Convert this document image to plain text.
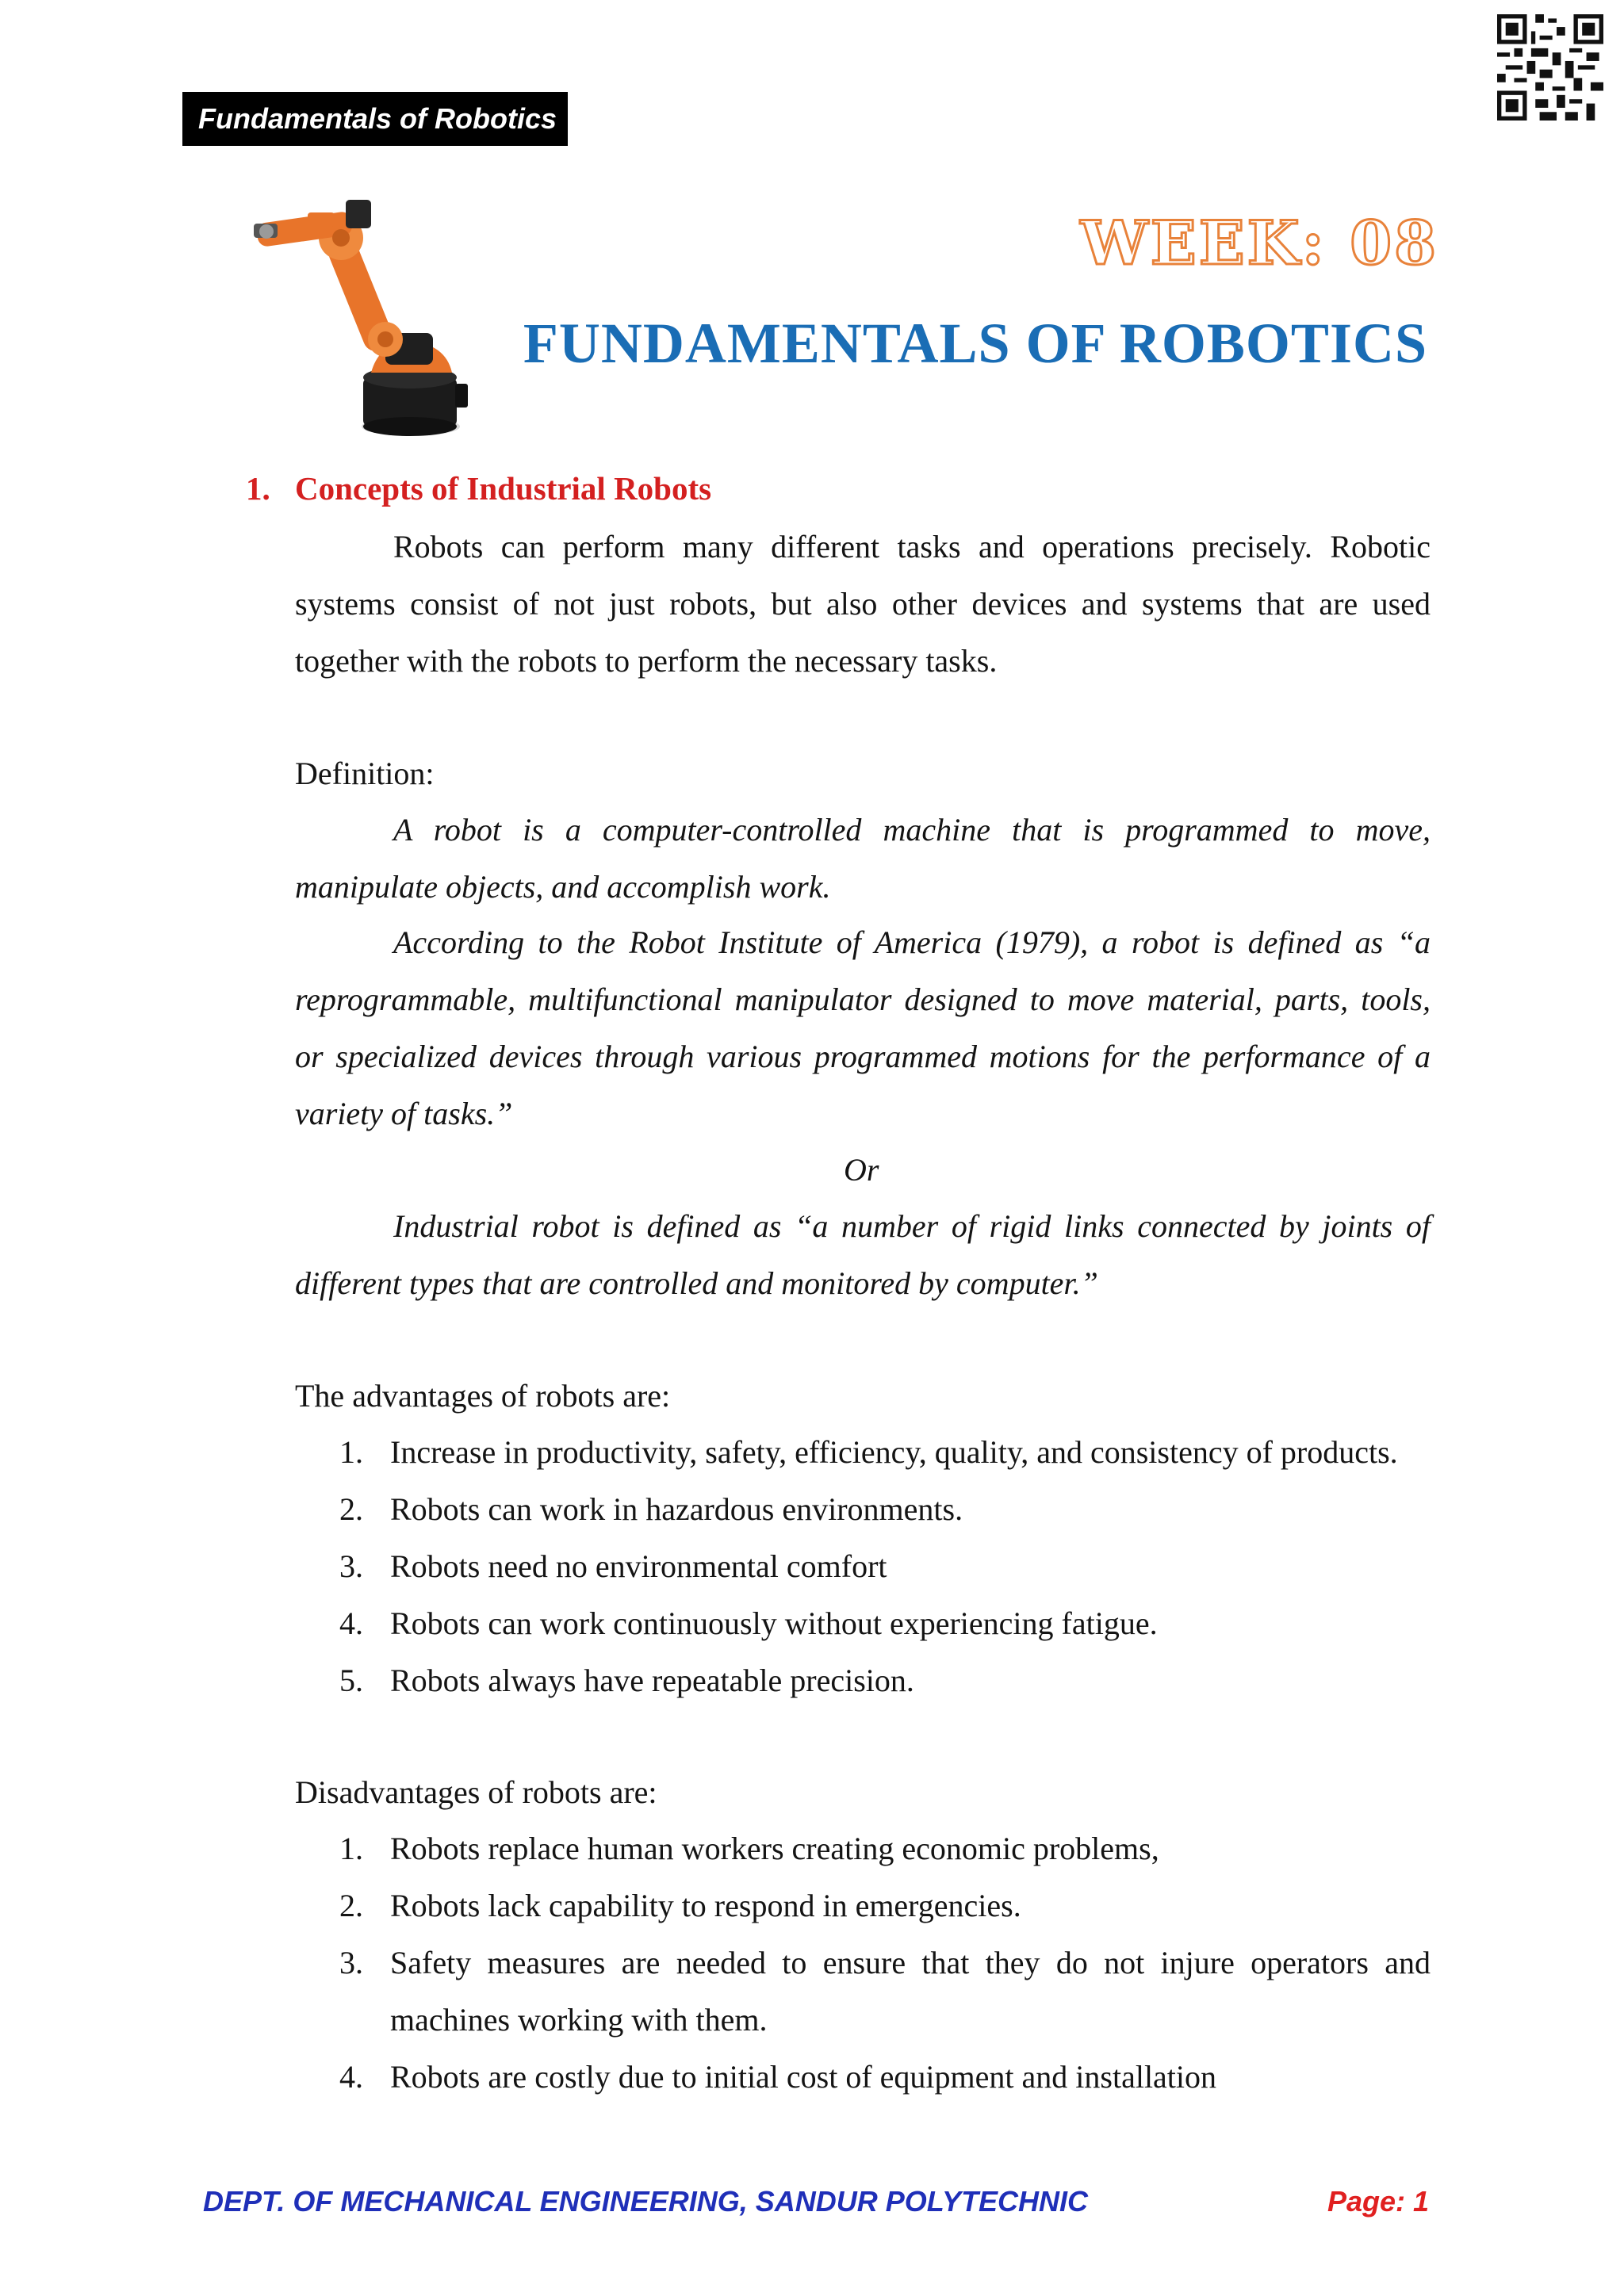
Fundamentals of Robotics
WEEK: 08
FUNDAMENTALS OF ROBOTICS
1. Concepts of Industrial Robots
Robots can perform many different tasks and operations precisely. Robotic
systems consist of not just robots, but also other devices and systems that are used
together with the robots to perform the necessary tasks.
Definition:
A robot is a computer-controlled machine that is programmed to move,
manipulate objects, and accomplish work.
According to the Robot Institute of America (1979), a robot is defined as “a
reprogrammable, multifunctional manipulator designed to move material, parts, tools,
or specialized devices through various programmed motions for the performance of a
variety of tasks.”
Or
Industrial robot is defined as “a number of rigid links connected by joints of
different types that are controlled and monitored by computer.”
The advantages of robots are:
1. Increase in productivity, safety, efficiency, quality, and consistency of products.
2. Robots can work in hazardous environments.
3. Robots need no environmental comfort
4. Robots can work continuously without experiencing fatigue.
5. Robots always have repeatable precision.
Disadvantages of robots are:
1. Robots replace human workers creating economic problems,
2. Robots lack capability to respond in emergencies.
3. Safety measures are needed to ensure that they do not injure operators and machines working with them.
4. Robots are costly due to initial cost of equipment and installation
DEPT. OF MECHANICAL ENGINEERING, SANDUR POLYTECHNIC	Page: 1
